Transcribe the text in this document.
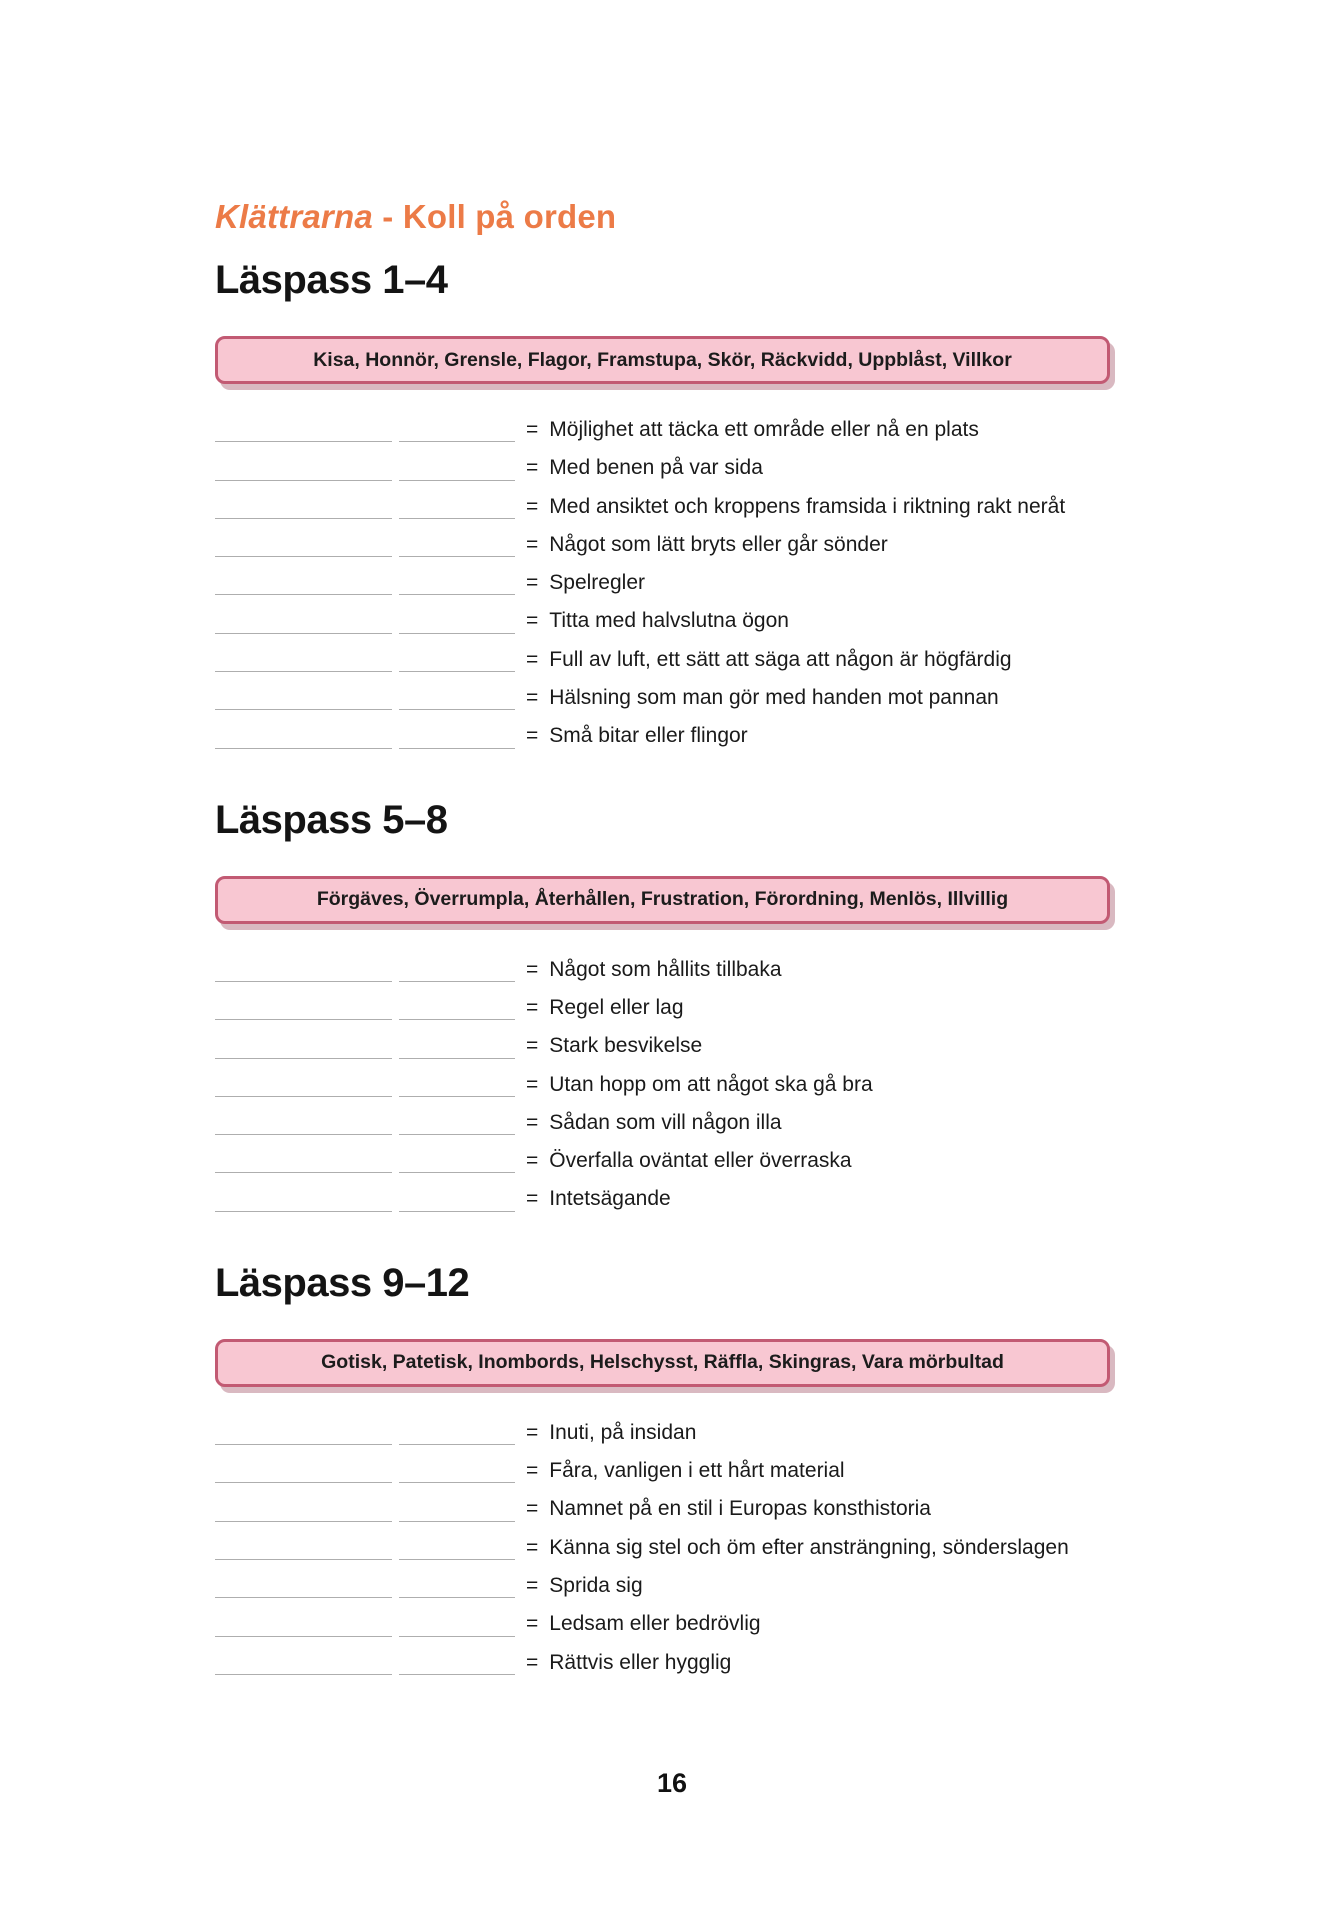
Klättrarna - Koll på orden
Läspass 1–4
Kisa, Honnör, Grensle, Flagor, Framstupa, Skör, Räckvidd, Uppblåst, Villkor
= Möjlighet att täcka ett område eller nå en plats
= Med benen på var sida
= Med ansiktet och kroppens framsida i riktning rakt neråt
= Något som lätt bryts eller går sönder
= Spelregler
= Titta med halvslutna ögon
= Full av luft, ett sätt att säga att någon är högfärdig
= Hälsning som man gör med handen mot pannan
= Små bitar eller flingor
Läspass 5–8
Förgäves, Överrumpla, Återhållen, Frustration, Förordning, Menlös, Illvillig
= Något som hållits tillbaka
= Regel eller lag
= Stark besvikelse
= Utan hopp om att något ska gå bra
= Sådan som vill någon illa
= Överfalla oväntat eller överraska
= Intetsägande
Läspass 9–12
Gotisk, Patetisk, Inombords, Helschysst, Räffla, Skingras, Vara mörbultad
= Inuti, på insidan
= Fåra, vanligen i ett hårt material
= Namnet på en stil i Europas konsthistoria
= Känna sig stel och öm efter ansträngning, sönderslagen
= Sprida sig
= Ledsam eller bedrövlig
= Rättvis eller hygglig
16
